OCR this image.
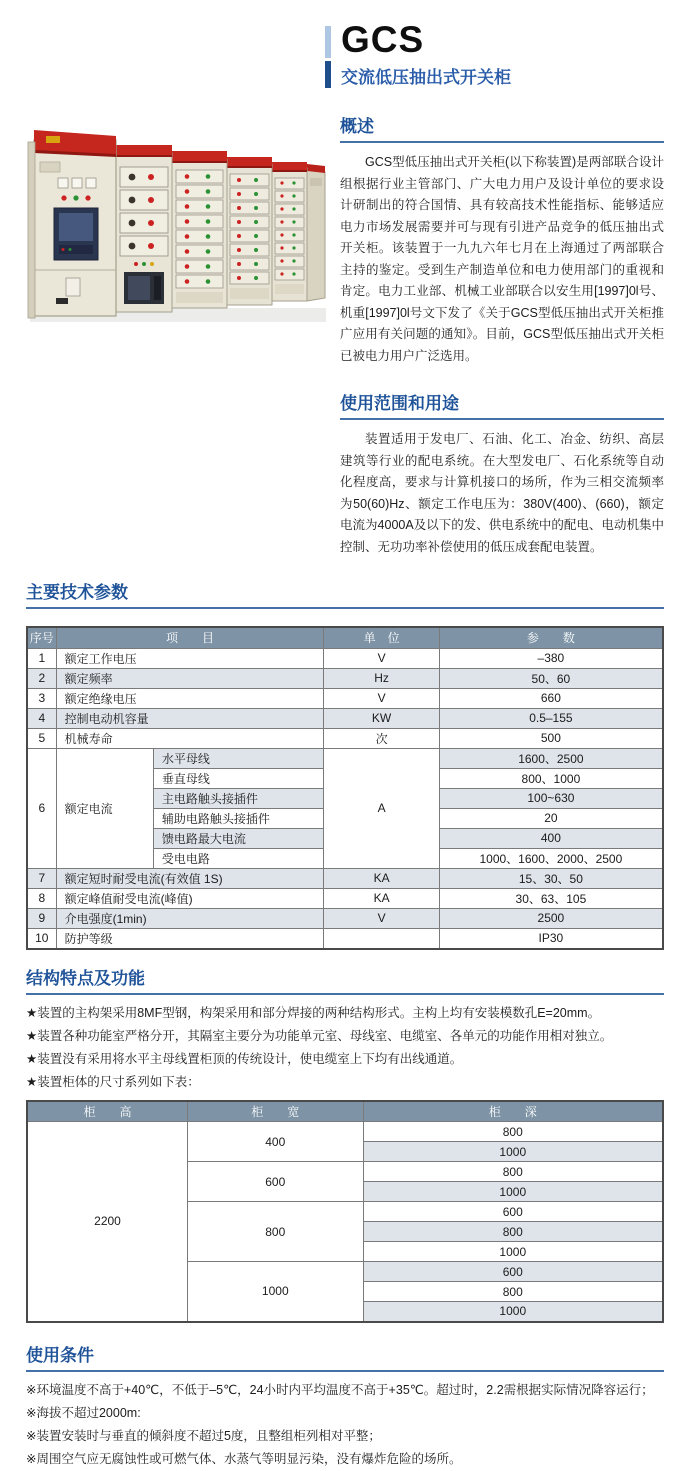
GCS
交流低压抽出式开关柜
概述

GCS型低压抽出式开关柜(以下称装置)是两部联合设计组根据行业主管部门、广大电力用户及设计单位的要求设计研制出的符合国情、具有较高技术性能指标、能够适应电力市场发展需要并可与现有引进产品竞争的低压抽出式开关柜。该装置于一九九六年七月在上海通过了两部联合主持的鉴定。受到生产制造单位和电力使用部门的重视和肯定。电力工业部、机械工业部联合以安生用[1997]0l号、机重[1997]0l号文下发了《关于GCS型低压抽出式开关柜推广应用有关问题的通知》。目前，GCS型低压抽出式开关柜已被电力用户广泛选用。

使用范围和用途

装置适用于发电厂、石油、化工、冶金、纺织、高层建筑等行业的配电系统。在大型发电厂、石化系统等自动化程度高，要求与计算机接口的场所，作为三相交流频率为50(60)Hz、额定工作电压为：380V(400)、(660)，额定电流为4000A及以下的发、供电系统中的配电、电动机集中控制、无功功率补偿使用的低压成套配电装置。

主要技术参数
序号	项　　目		单　位	参　　数
1	额定工作电压		V	–380
2	额定频率		Hz	50、60
3	额定绝缘电压		V	660
4	控制电动机容量		KW	0.5–155
5	机械寿命		次	500
6	额定电流	水平母线	A	1600、2500
		垂直母线		800、1000
		主电路触头接插件		100~630
		辅助电路触头接插件		20
		馈电路最大电流		400
		受电电路		1000、1600、2000、2500
7	额定短时耐受电流(有效值 1S)		KA	15、30、50
8	额定峰值耐受电流(峰值)		KA	30、63、105
9	介电强度(1min)		V	2500
10	防护等级			IP30
结构特点及功能

★装置的主构架采用8MF型钢，构架采用和部分焊接的两种结构形式。主构上均有安装模数孔E=20mm。

★装置各种功能室严格分开，其隔室主要分为功能单元室、母线室、电缆室、各单元的功能作用相对独立。

★装置没有采用将水平主母线置柜顶的传统设计，使电缆室上下均有出线通道。

★装置柜体的尺寸系列如下表：

柜　　高	柜　　宽	柜　　深
2200	400	800
		1000
	600	800
		1000
	800	600
		800
		1000
	1000	600
		800
		1000
使用条件

※环境温度不高于+40℃，不低于–5℃，24小时内平均温度不高于+35℃。超过时，2.2需根据实际情况降容运行；

※海拔不超过2000m:

※装置安装时与垂直的倾斜度不超过5度，且整组柜列相对平整；

※周围空气应无腐蚀性或可燃气体、水蒸气等明显污染，没有爆炸危险的场所。
